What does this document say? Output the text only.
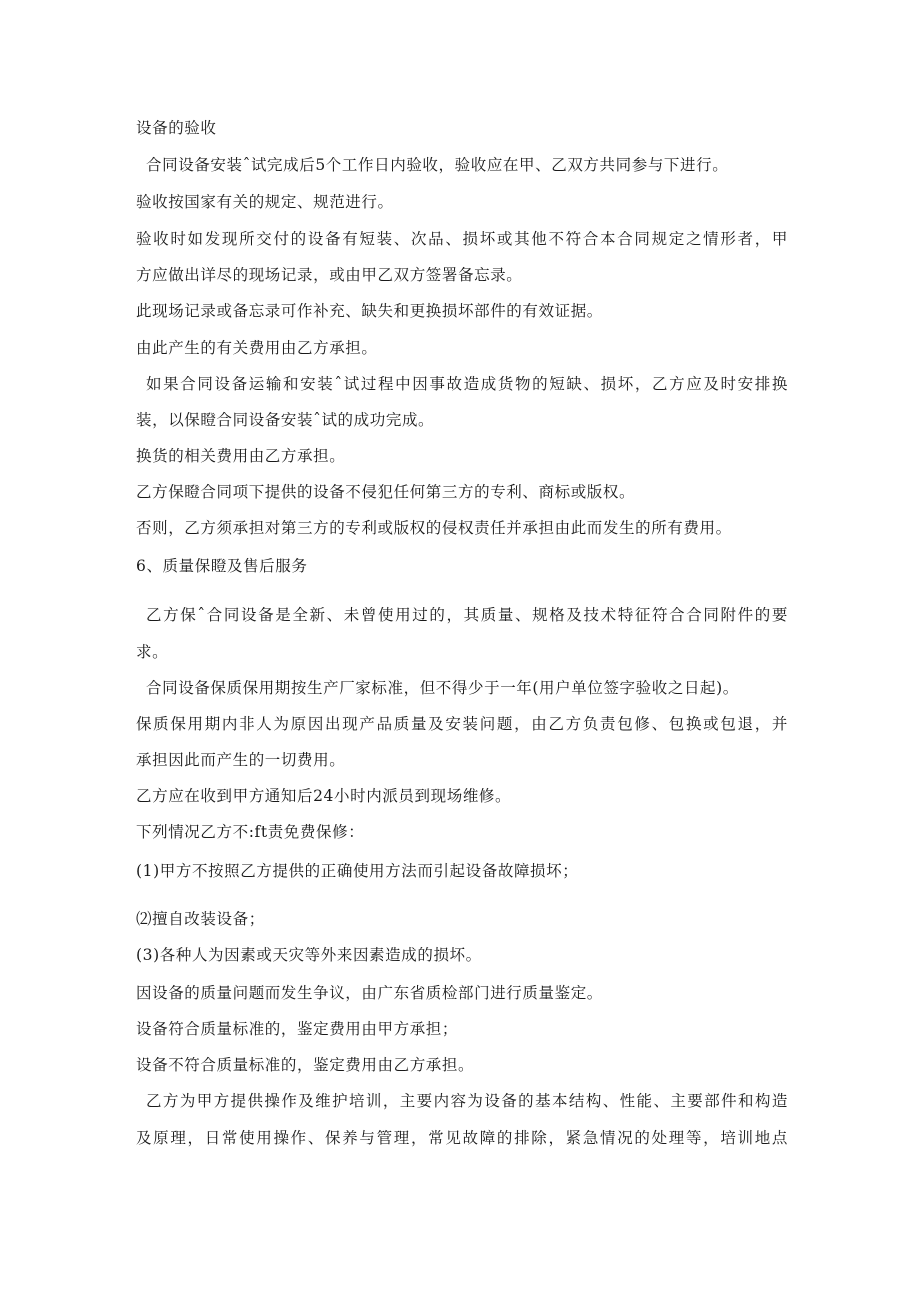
设备的验收
合同设备安装ˆ试完成后5个工作日内验收，验收应在甲、乙双方共同参与下进行。
验收按国家有关的规定、规范进行。
验收时如发现所交付的设备有短装、次品、损坏或其他不符合本合同规定之情形者，甲
方应做出详尽的现场记录，或由甲乙双方签署备忘录。
此现场记录或备忘录可作补充、缺失和更换损坏部件的有效证据。
由此产生的有关费用由乙方承担。
如果合同设备运输和安装ˆ试过程中因事故造成货物的短缺、损坏，乙方应及时安排换
装，以保瞪合同设备安装ˆ试的成功完成。
换货的相关费用由乙方承担。
乙方保瞪合同项下提供的设备不侵犯任何第三方的专利、商标或版权。
否则，乙方须承担对第三方的专利或版权的侵权责任并承担由此而发生的所有费用。
6、质量保瞪及售后服务
乙方保ˆ合同设备是全新、未曾使用过的，其质量、规格及技术特征符合合同附件的要
求。
合同设备保质保用期按生产厂家标准，但不得少于一年(用户单位签字验收之日起)。
保质保用期内非人为原因出现产品质量及安装问题，由乙方负责包修、包换或包退，并
承担因此而产生的一切费用。
乙方应在收到甲方通知后24小时内派员到现场维修。
下列情况乙方不:ft责免费保修：
(1)甲方不按照乙方提供的正确使用方法而引起设备故障损坏；
⑵擅自改装设备；
(3)各种人为因素或天灾等外来因素造成的损坏。
因设备的质量问题而发生争议，由广东省质检部门进行质量鉴定。
设备符合质量标准的，鉴定费用由甲方承担；
设备不符合质量标准的，鉴定费用由乙方承担。
乙方为甲方提供操作及维护培训，主要内容为设备的基本结构、性能、主要部件和构造
及原理，日常使用操作、保养与管理，常见故障的排除，紧急情况的处理等，培训地点
